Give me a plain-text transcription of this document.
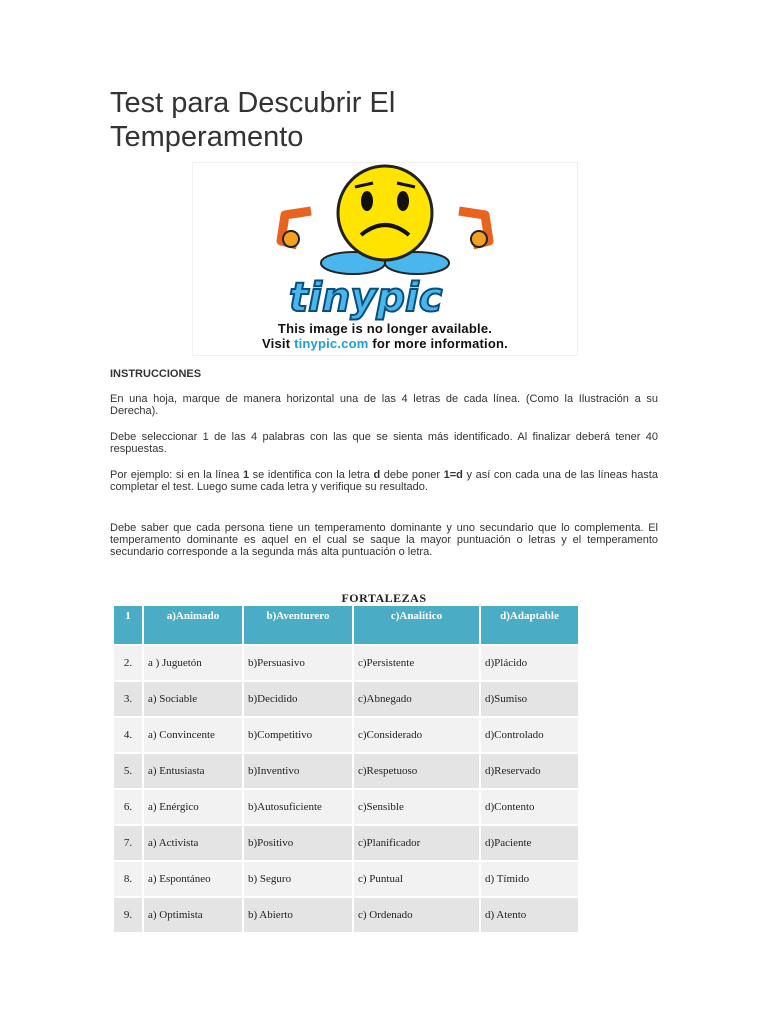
Test para Descubrir El Temperamento
tinypic
This image is no longer available.
Visit tinypic.com for more information.
INSTRUCCIONES

En una hoja, marque de manera horizontal una de las 4 letras de cada línea. (Como la Ilustración a su Derecha).

Debe seleccionar 1 de las 4 palabras con las que se sienta más identificado. Al finalizar deberá tener 40 respuestas.

Por ejemplo: si en la línea 1 se identifica con la letra d debe poner 1=d y así con cada una de las líneas hasta completar el test. Luego sume cada letra y verifique su resultado.

Debe saber que cada persona tiene un temperamento dominante y uno secundario que lo complementa. El temperamento dominante es aquel en el cual se saque la mayor puntuación o letras y el temperamento secundario corresponde a la segunda más alta puntuación o letra.

FORTALEZAS
1	a)Animado	b)Aventurero	c)Analítico	d)Adaptable
2.	a ) Juguetón	b)Persuasivo	c)Persistente	d)Plácido
3.	a) Sociable	b)Decidido	c)Abnegado	d)Sumiso
4.	a) Convincente	b)Competitivo	c)Considerado	d)Controlado
5.	a) Entusiasta	b)Inventivo	c)Respetuoso	d)Reservado
6.	a) Enérgico	b)Autosuficiente	c)Sensible	d)Contento
7.	a) Activista	b)Positivo	c)Planificador	d)Paciente
8.	a) Espontáneo	b) Seguro	c) Puntual	d) Tímido
9.	a) Optimista	b) Abierto	c) Ordenado	d) Atento
